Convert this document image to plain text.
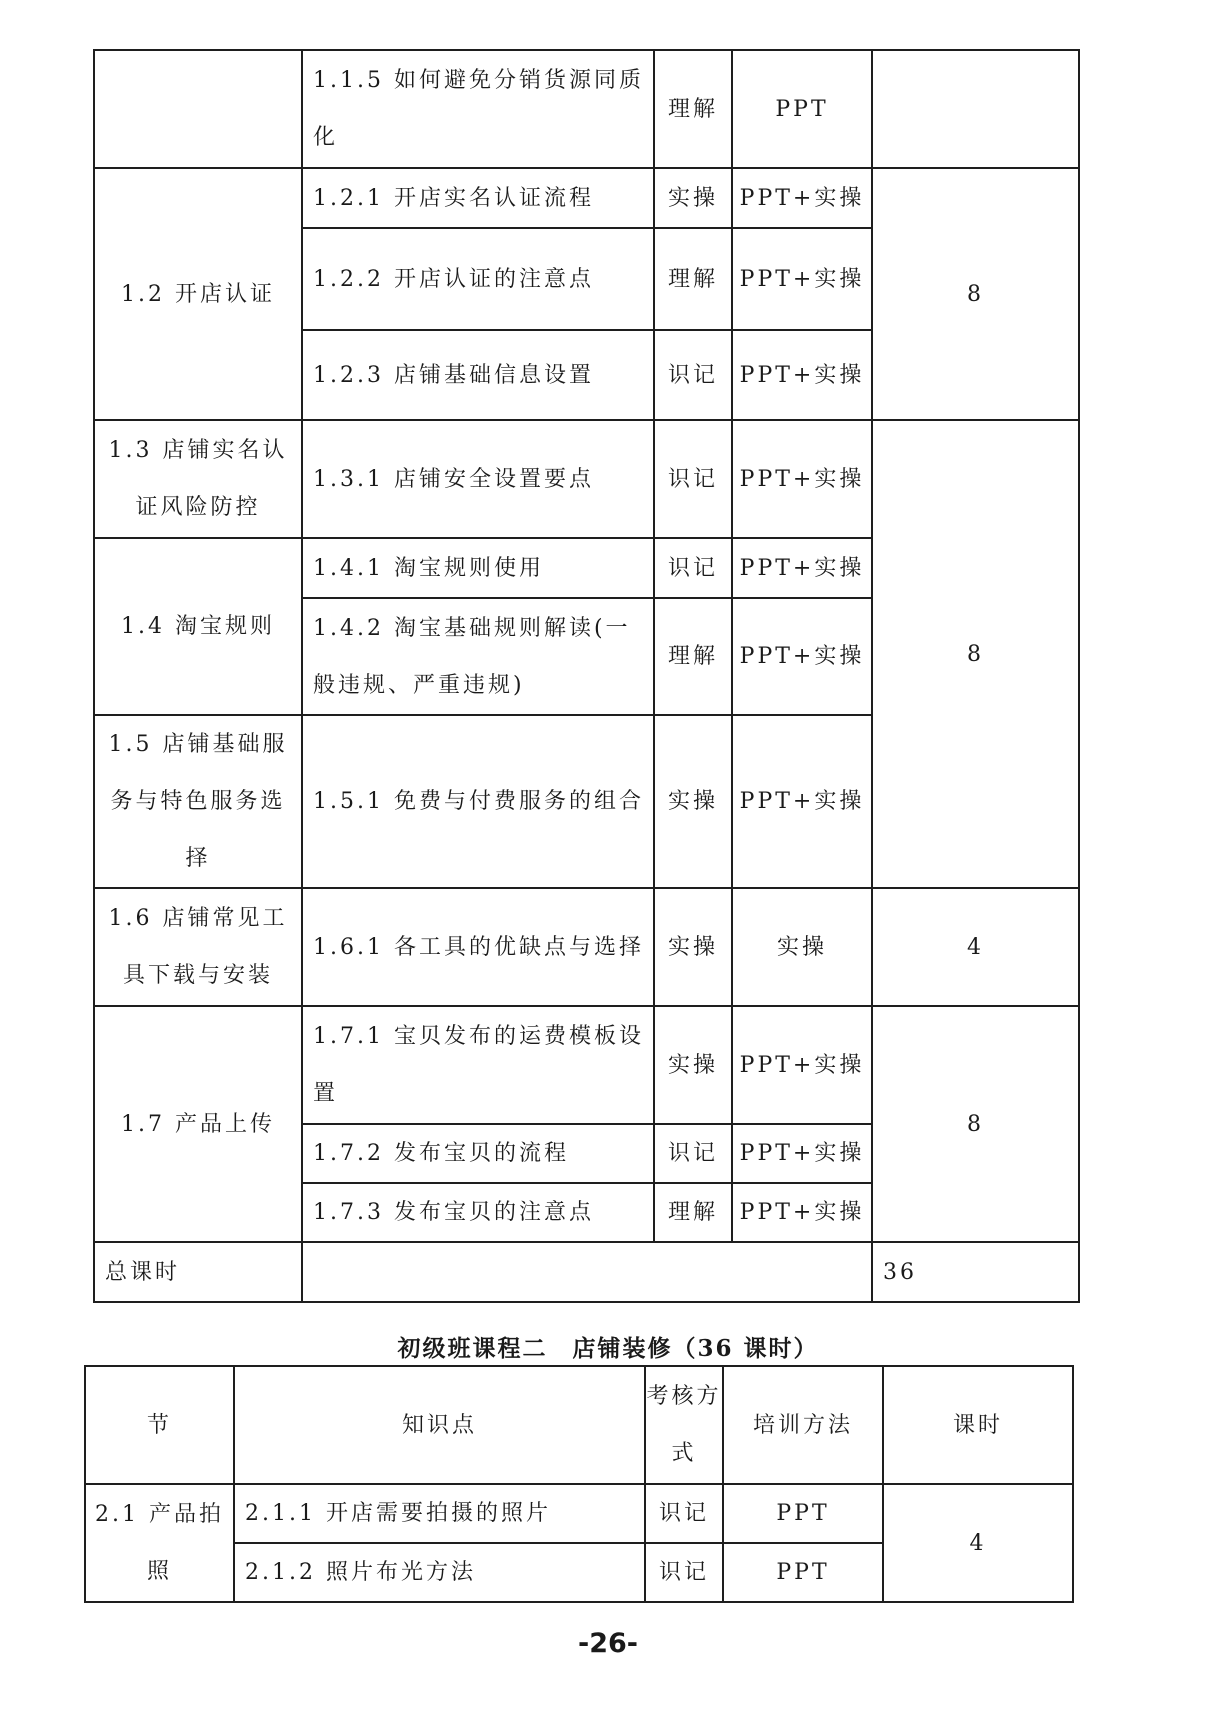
	1.1.5 如何避免分销货源同质化	理解	PPT	
1.2 开店认证	1.2.1 开店实名认证流程	实操	PPT+实操	8
	1.2.2 开店认证的注意点	理解	PPT+实操	
	1.2.3 店铺基础信息设置	识记	PPT+实操	
1.3 店铺实名认证风险防控	1.3.1 店铺安全设置要点	识记	PPT+实操	8
1.4 淘宝规则	1.4.1 淘宝规则使用	识记	PPT+实操	
	1.4.2 淘宝基础规则解读(一般违规、严重违规)	理解	PPT+实操	
1.5 店铺基础服务与特色服务选择	1.5.1 免费与付费服务的组合	实操	PPT+实操	
1.6 店铺常见工具下载与安装	1.6.1 各工具的优缺点与选择	实操	实操	4
1.7 产品上传	1.7.1 宝贝发布的运费模板设置	实操	PPT+实操	8
	1.7.2 发布宝贝的流程	识记	PPT+实操	
	1.7.3 发布宝贝的注意点	理解	PPT+实操	
总课时				36
初级班课程二　店铺装修（36 课时）
节	知识点	考核方式	培训方法	课时
2.1 产品拍照	2.1.1 开店需要拍摄的照片	识记	PPT	4
	2.1.2 照片布光方法	识记	PPT	
-26-
